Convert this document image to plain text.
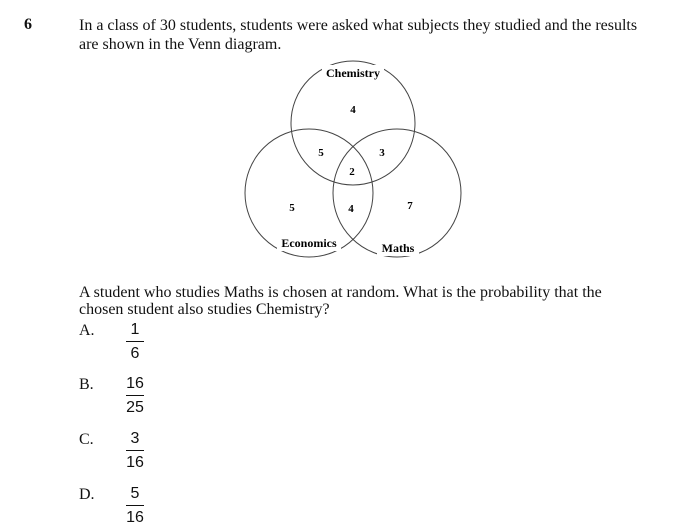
6	In a class of 30 students, students were asked what subjects they studied and the results are shown in the Venn diagram.
Chemistry
Economics	Maths
4
5	3
2
5	4	7
A student who studies Maths is chosen at random. What is the probability that the chosen student also studies Chemistry?
A.	1
6
B. 16
25
C.	3
16
D.	5
16
